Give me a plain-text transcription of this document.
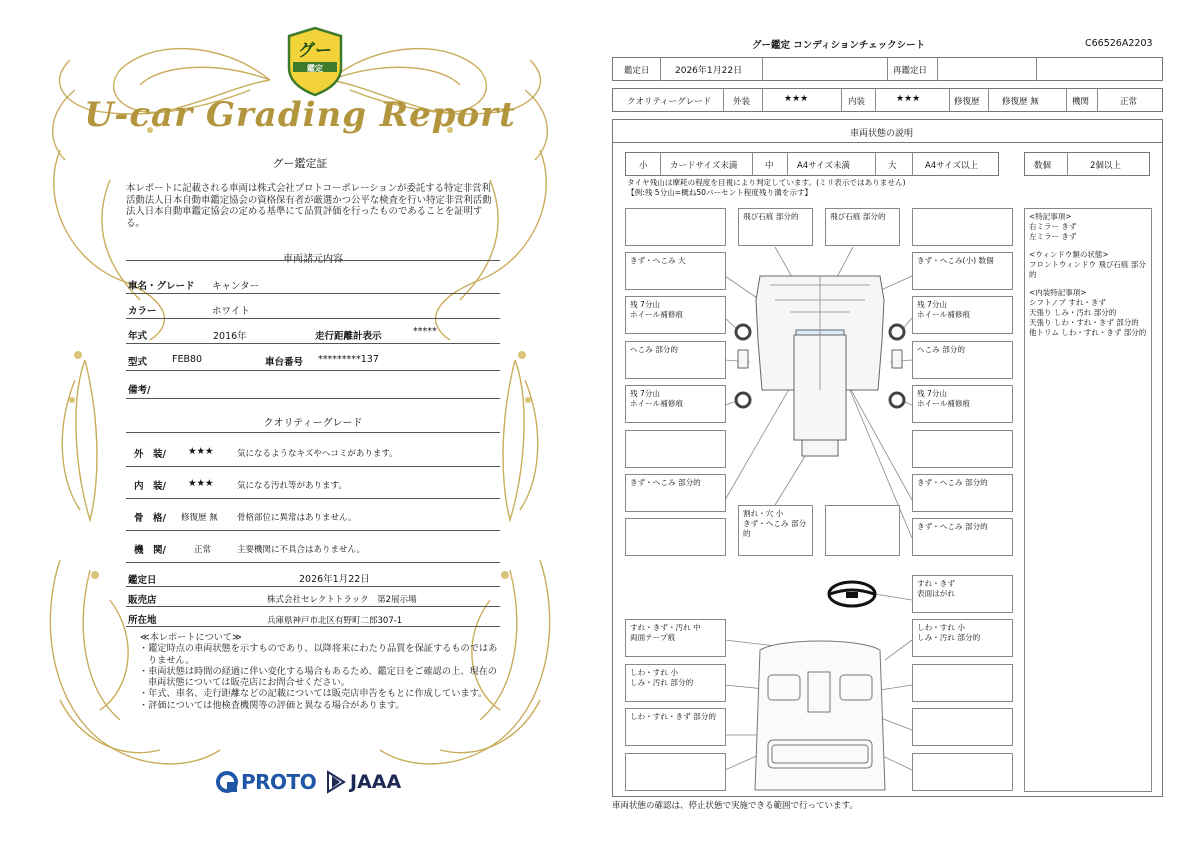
グー
鑑定
U-car Grading Report
グー鑑定証
本レポートに記載される車両は株式会社プロトコーポレーションが委託する特定非営利活動法人日本自動車鑑定協会の資格保有者が厳選かつ公平な検査を行い特定非営利活動法人日本自動車鑑定協会の定める基準にて品質評価を行ったものであることを証明する。
車両諸元内容
車名・グレード キャンター
カラー	ホワイト
年式	2016年	走行距離計表示	*****
型式	FEB80	車台番号 *********137
備考/
クオリティーグレード
外　装/ ★★★	気になるようなキズやヘコミがあります。
内　装/ ★★★	気になる汚れ等があります。
骨　格/ 修復歴 無 骨格部位に異常はありません。
機　関/	正常	主要機関に不具合はありません。
鑑定日	2026年1月22日
販売店	株式会社セレクトトラック　第2展示場
所在地	兵庫県神戸市北区有野町二郎307-1
≪本レポートについて≫
・鑑定時点の車両状態を示すものであり、以降将来にわたり品質を保証するものではありません。
・車両状態は時間の経過に伴い変化する場合もあるため、鑑定日をご確認の上、現在の車両状態については販売店にお問合せください。
・年式、車名、走行距離などの記載については販売店申告をもとに作成しています。
・評価については他検査機関等の評価と異なる場合があります。
PROTO JAAA
グー鑑定 コンディションチェックシート	C66526A2203
鑑定日	2026年1月22日	再鑑定日
クオリティーグレード	外装	★★★	内装	★★★	修復歴	修復歴 無	機関	正常
車両状態の説明
小	カードサイズ未満	中	A4サイズ未満	大	A4サイズ以上	数個	2個以上
タイヤ残山は摩耗の程度を目視により判定しています。(ミリ表示ではありません)
【例:残 5分山=概ね50パーセント程度残り溝を示す】
飛び石痕 部分的	飛び石痕 部分的
きず・へこみ 大	きず・へこみ(小) 数個
残 7分山
ホイール補修痕
残 7分山
ホイール補修痕
へこみ 部分的	へこみ 部分的
残 7分山
ホイール補修痕
残 7分山
ホイール補修痕
きず・へこみ 部分的	きず・へこみ 部分的
割れ・穴 小
きず・へこみ 部分的
きず・へこみ 部分的
すれ・きず
表面はがれ
すれ・きず・汚れ 中
両面テープ痕
しわ・すれ 小
しみ・汚れ 部分的
しわ・すれ 小
しみ・汚れ 部分的
しわ・すれ・きず 部分的
<特記事項>
右ミラー きず
左ミラー きず
<ウィンドウ類の状態>
フロントウィンドウ 飛び石痕 部分的
<内装特記事項>
シフトノブ すれ・きず
天張り しみ・汚れ 部分的
天張り しわ・すれ・きず 部分的
他トリム しわ・すれ・きず 部分的
車両状態の確認は、停止状態で実施できる範囲で行っています。
